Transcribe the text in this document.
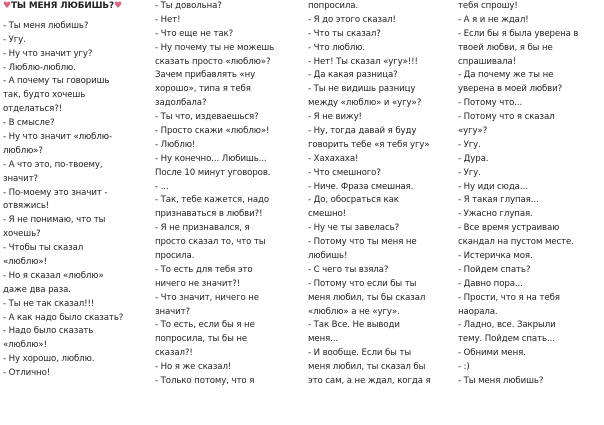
♥ТЫ МЕНЯ ЛЮБИШЬ?♥
- Ты меня любишь?
- Угу.
- Ну что значит угу?
- Люблю-люблю.
- А почему ты говоришь
так, будто хочешь
отделаться?!
- В смысле?
- Ну что значит «люблю-
люблю»?
- А что это, по-твоему,
значит?
- По-моему это значит -
отвяжись!
- Я не понимаю, что ты
хочешь?
- Чтобы ты сказал
«люблю»!
- Но я сказал «люблю»
даже два раза.
- Ты не так сказал!!!
- А как надо было сказать?
- Надо было сказать
«люблю»!
- Ну хорошо, люблю.
- Отлично!
- Ты довольна?
- Нет!
- Что еще не так?
- Ну почему ты не можешь
сказать просто «люблю»?
Зачем прибавлять «ну
хорошо», типа я тебя
задолбала?
- Ты что, издеваешься?
- Просто скажи «люблю»!
- Люблю!
- Ну конечно... Любишь...
После 10 минут уговоров.
- ...
- Так, тебе кажется, надо
признаваться в любви?!
- Я не признавался, я
просто сказал то, что ты
просила.
- То есть для тебя это
ничего не значит?!
- Что значит, ничего не
значит?
- То есть, если бы я не
попросила, ты бы не
сказал?!
- Но я же сказал!
- Только потому, что я
попросила.
- Я до этого сказал!
- Что ты сказал?
- Что люблю.
- Нет! Ты сказал «угу»!!!
- Да какая разница?
- Ты не видишь разницу
между «люблю» и «угу»?
- Я не вижу!
- Ну, тогда давай я буду
говорить тебе «я тебя угу»
- Хахахаха!
- Что смешного?
- Ниче. Фраза смешная.
- До, обосраться как
смешно!
- Ну че ты завелась?
- Потому что ты меня не
любишь!
- С чего ты взяла?
- Потому что если бы ты
меня любил, ты бы сказал
«люблю» а не «угу».
- Так Все. Не выводи
меня...
- И вообще. Если бы ты
меня любил, ты сказал бы
это сам, а не ждал, когда я
тебя спрошу!
- А я и не ждал!
- Если бы я была уверена в
твоей любви, я бы не
спрашивала!
- Да почему же ты не
уверена в моей любви?
- Потому что...
- Потому что я сказал
«угу»?
- Угу.
- Дура.
- Угу.
- Ну иди сюда...
- Я такая глупая...
- Ужасно глупая.
- Все время устраиваю
скандал на пустом месте.
- Истеричка моя.
- Пойдем спать?
- Давно пора...
- Прости, что я на тебя
наорала.
- Ладно, все. Закрыли
тему. Пойдем спать...
- Обними меня.
- :)
- Ты меня любишь?
